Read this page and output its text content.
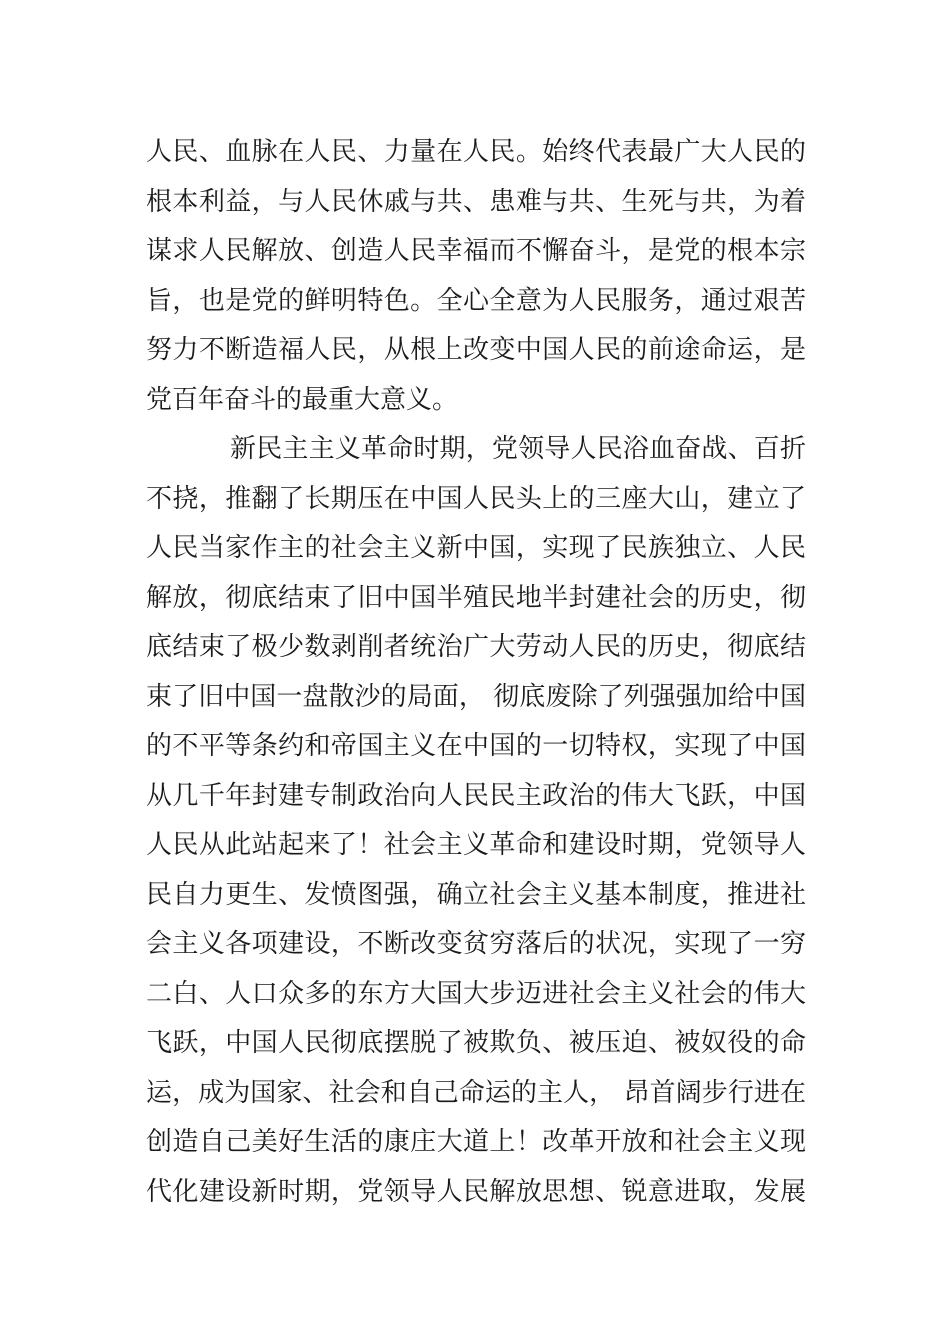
人民、血脉在人民、力量在人民。始终代表最广大人民的
根本利益，与人民休戚与共、患难与共、生死与共，为着
谋求人民解放、创造人民幸福而不懈奋斗，是党的根本宗
旨，也是党的鲜明特色。全心全意为人民服务，通过艰苦
努力不断造福人民，从根上改变中国人民的前途命运，是
党百年奋斗的最重大意义。
新民主主义革命时期，党领导人民浴血奋战、百折
不挠，推翻了长期压在中国人民头上的三座大山，建立了
人民当家作主的社会主义新中国，实现了民族独立、人民
解放，彻底结束了旧中国半殖民地半封建社会的历史，彻
底结束了极少数剥削者统治广大劳动人民的历史，彻底结
束了旧中国一盘散沙的局面， 彻底废除了列强强加给中国
的不平等条约和帝国主义在中国的一切特权，实现了中国
从几千年封建专制政治向人民民主政治的伟大飞跃，中国
人民从此站起来了！社会主义革命和建设时期，党领导人
民自力更生、发愤图强，确立社会主义基本制度，推进社
会主义各项建设，不断改变贫穷落后的状况，实现了一穷
二白、人口众多的东方大国大步迈进社会主义社会的伟大
飞跃，中国人民彻底摆脱了被欺负、被压迫、被奴役的命
运，成为国家、社会和自己命运的主人， 昂首阔步行进在
创造自己美好生活的康庄大道上！改革开放和社会主义现
代化建设新时期，党领导人民解放思想、锐意进取，发展
